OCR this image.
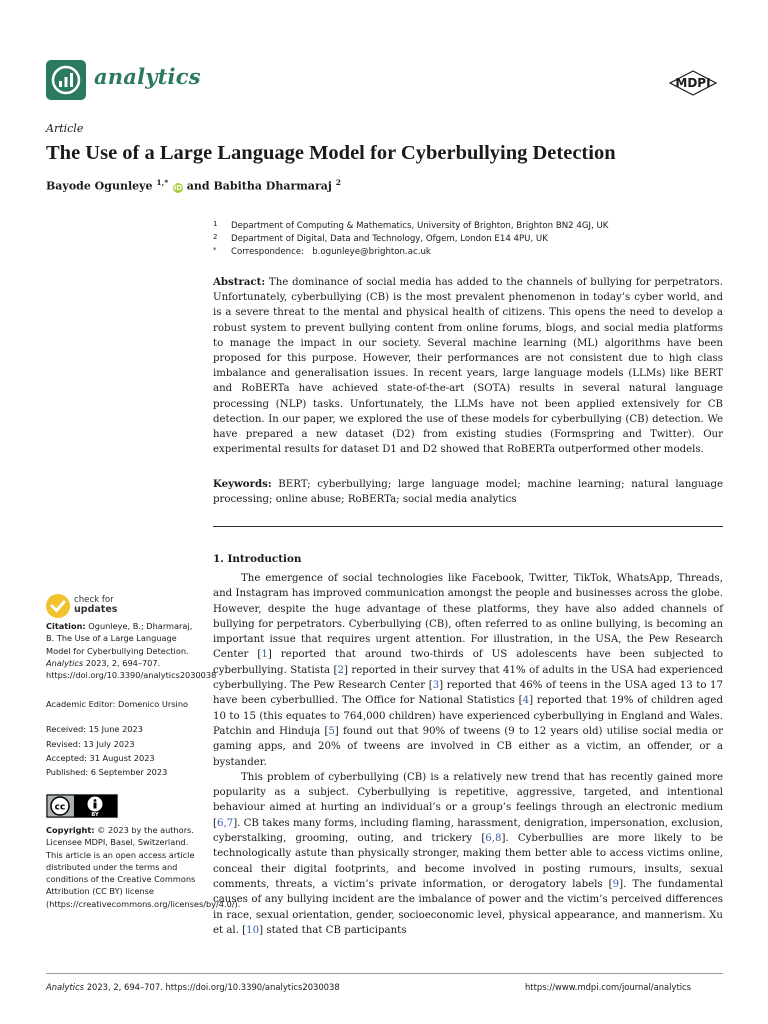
analytics	MDPI
Article
The Use of a Large Language Model for Cyberbullying Detection
Bayode Ogunleye $^{1,*}$ iD and Babitha Dharmaraj $^2$
1 Department of Computing & Mathematics, University of Brighton, Brighton BN2 4GJ, UK
2 Department of Digital, Data and Technology, Ofgem, London E14 4PU, UK
* Correspondence:   b.ogunleye@brighton.ac.uk
Abstract: The dominance of social media has added to the channels of bullying for perpetrators. Unfortunately, cyberbullying (CB) is the most prevalent phenomenon in today’s cyber world, and is a severe threat to the mental and physical health of citizens. This opens the need to develop a robust system to prevent bullying content from online forums, blogs, and social media platforms to manage the impact in our society. Several machine learning (ML) algorithms have been proposed for this purpose. However, their performances are not consistent due to high class imbalance and generalisation issues. In recent years, large language models (LLMs) like BERT and RoBERTa have achieved state-of-the-art (SOTA) results in several natural language processing (NLP) tasks. Unfortunately, the LLMs have not been applied extensively for CB detection. In our paper, we explored the use of these models for cyberbullying (CB) detection. We have prepared a new dataset (D2) from existing studies (Formspring and Twitter). Our experimental results for dataset D1 and D2 showed that RoBERTa outperformed other models.
Keywords: BERT; cyberbullying; large language model; machine learning; natural language processing; online abuse; RoBERTa; social media analytics
1. Introduction

The emergence of social technologies like Facebook, Twitter, TikTok, WhatsApp, Threads, and Instagram has improved communication amongst the people and businesses across the globe. However, despite the huge advantage of these platforms, they have also added channels of bullying for perpetrators. Cyberbullying (CB), often referred to as online bullying, is becoming an important issue that requires urgent attention. For illustration, in the USA, the Pew Research Center [1] reported that around two-thirds of US adolescents have been subjected to cyberbullying. Statista [2] reported in their survey that 41% of adults in the USA had experienced cyberbullying. The Pew Research Center [3] reported that 46% of teens in the USA aged 13 to 17 have been cyberbullied. The Office for National Statistics [4] reported that 19% of children aged 10 to 15 (this equates to 764,000 children) have experienced cyberbullying in England and Wales. Patchin and Hinduja [5] found out that 90% of tweens (9 to 12 years old) utilise social media or gaming apps, and 20% of tweens are involved in CB either as a victim, an offender, or a bystander.

This problem of cyberbullying (CB) is a relatively new trend that has recently gained more popularity as a subject. Cyberbullying is repetitive, aggressive, targeted, and intentional behaviour aimed at hurting an individual’s or a group’s feelings through an electronic medium [6,7]. CB takes many forms, including flaming, harassment, denigration, impersonation, exclusion, cyberstalking, grooming, outing, and trickery [6,8]. Cyberbullies are more likely to be technologically astute than physically stronger, making them better able to access victims online, conceal their digital footprints, and become involved in posting rumours, insults, sexual comments, threats, a victim’s private information, or derogatory labels [9]. The fundamental causes of any bullying incident are the imbalance of power and the victim’s perceived differences in race, sexual orientation, gender, socioeconomic level, physical appearance, and mannerism. Xu et al. [10] stated that CB participants

check for
updates
Citation: Ogunleye, B.; Dharmaraj, B. The Use of a Large Language Model for Cyberbullying Detection. Analytics 2023, 2, 694–707. https://doi.org/10.3390/analytics2030038
Academic Editor: Domenico Ursino
Received: 15 June 2023
Revised: 13 July 2023
Accepted: 31 August 2023
Published: 6 September 2023
cc
BY
Copyright: © 2023 by the authors. Licensee MDPI, Basel, Switzerland. This article is an open access article distributed under the terms and conditions of the Creative Commons Attribution (CC BY) license (https://creativecommons.org/licenses/by/4.0/).
Analytics 2023, 2, 694–707. https://doi.org/10.3390/analytics2030038	https://www.mdpi.com/journal/analytics
